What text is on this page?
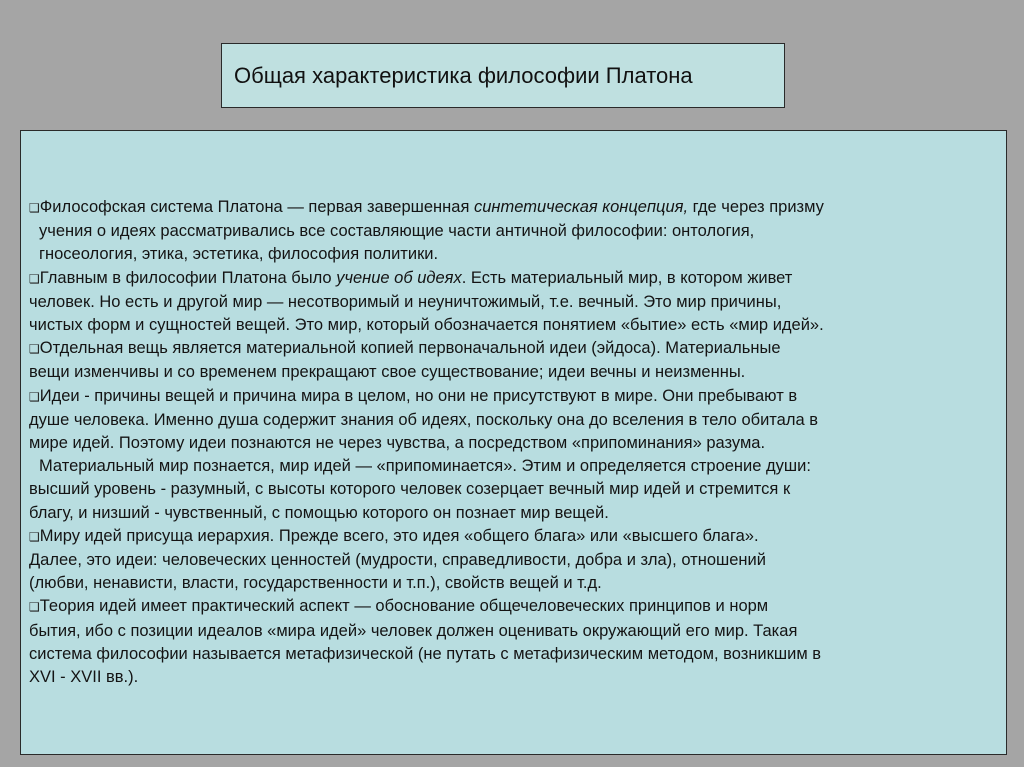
Общая характеристика философии Платона
❑Философская система Платона — первая завершенная синтетическая концепция, где через призму
учения о идеях рассматривались все составляющие части античной философии: онтология,
гносеология, этика, эстетика, философия политики.
❑Главным в философии Платона было учение об идеях. Есть материальный мир, в котором живет
человек. Но есть и другой мир — несотворимый и неуничтожимый, т.е. вечный. Это мир причины,
чистых форм и сущностей вещей. Это мир, который обозначается понятием «бытие» есть «мир идей».
❑Отдельная вещь является материальной копией первоначальной идеи (эйдоса). Материальные
вещи изменчивы и со временем прекращают свое существование; идеи вечны и неизменны.
❑Идеи - причины вещей и причина мира в целом, но они не присутствуют в мире. Они пребывают в
душе человека. Именно душа содержит знания об идеях, поскольку она до вселения в тело обитала в
мире идей. Поэтому идеи познаются не через чувства, а посредством «припоминания» разума.
Материальный мир познается, мир идей — «припоминается». Этим и определяется строение души:
высший уровень - разумный, с высоты которого человек созерцает вечный мир идей и стремится к
благу, и низший - чувственный, с помощью которого он познает мир вещей.
❑Миру идей присуща иерархия. Прежде всего, это идея «общего блага» или «высшего блага».
Далее, это идеи: человеческих ценностей (мудрости, справедливости, добра и зла), отношений
(любви, ненависти, власти, государственности и т.п.), свойств вещей и т.д.
❑Теория идей имеет практический аспект — обоснование общечеловеческих принципов и норм
бытия, ибо с позиции идеалов «мира идей» человек должен оценивать окружающий его мир. Такая
система философии называется метафизической (не путать с метафизическим методом, возникшим в
XVI - XVII вв.).
